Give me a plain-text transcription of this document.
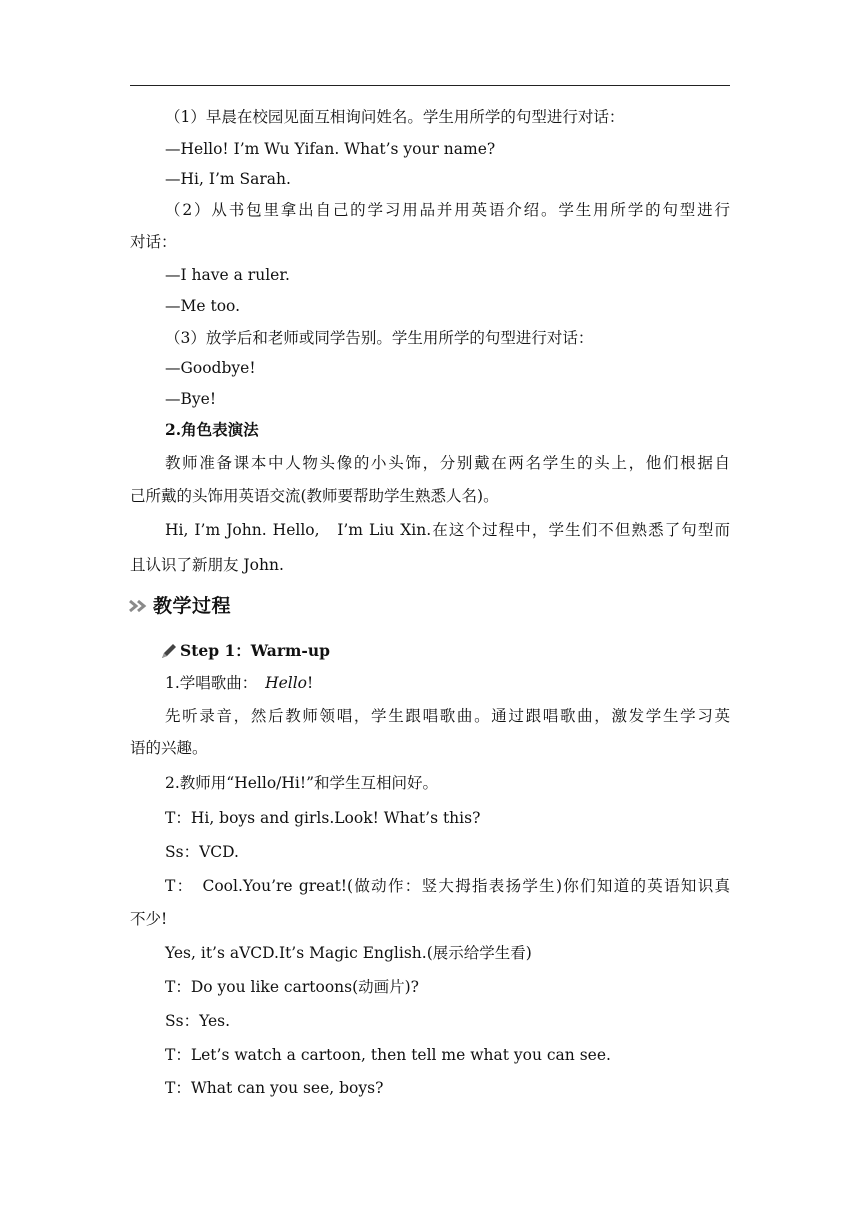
（1）早晨在校园见面互相询问姓名。学生用所学的句型进行对话：
—Hello! I’m Wu Yifan. What’s your name?
—Hi, I’m Sarah.
（2）从书包里拿出自己的学习用品并用英语介绍。学生用所学的句型进行
对话：
—I have a ruler.
—Me too.
（3）放学后和老师或同学告别。学生用所学的句型进行对话：
—Goodbye!
—Bye!
2.角色表演法
教师准备课本中人物头像的小头饰，分别戴在两名学生的头上，他们根据自
己所戴的头饰用英语交流(教师要帮助学生熟悉人名)。
Hi, I’m John. Hello,　I’m Liu Xin.在这个过程中，学生们不但熟悉了句型而
且认识了新朋友 John.
教学过程
Step 1：Warm-up
1.学唱歌曲：　 Hello!
先听录音，然后教师领唱，学生跟唱歌曲。通过跟唱歌曲，激发学生学习英
语的兴趣。
2.教师用“Hello/Hi!”和学生互相问好。
T：Hi, boys and girls.Look! What’s this?
Ss：VCD.
T：　Cool.You’re great!(做动作：竖大拇指表扬学生)你们知道的英语知识真
不少!
Yes, it’s aVCD.It’s Magic English.(展示给学生看)
T：Do you like cartoons(动画片)?
Ss：Yes.
T：Let’s watch a cartoon, then tell me what you can see.
T：What can you see, boys?
